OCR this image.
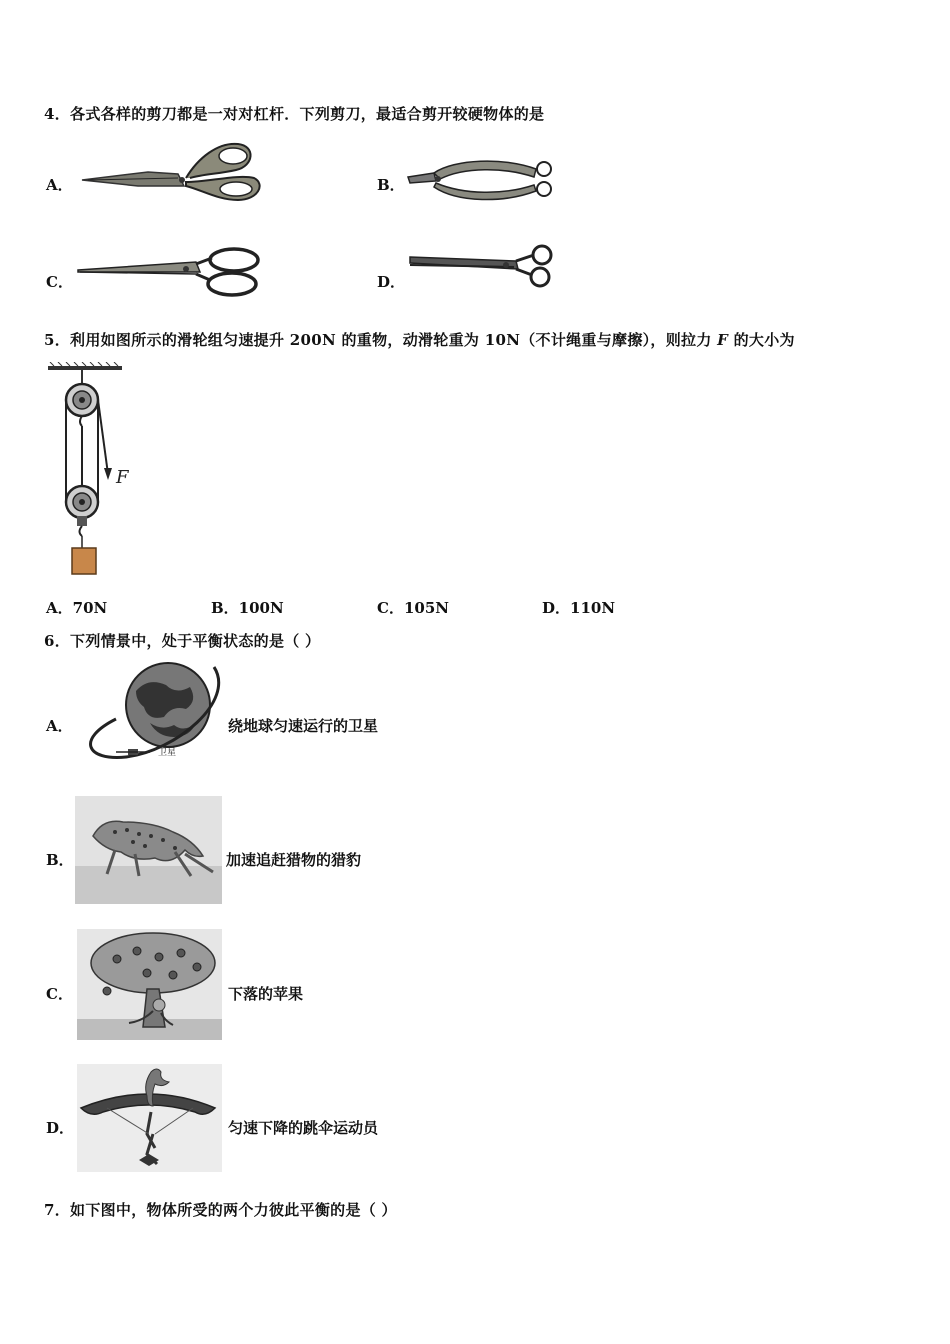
4．各式各样的剪刀都是一对对杠杆．下列剪刀，最适合剪开较硬物体的是
A．	B．
C．	D．
5．利用如图所示的滑轮组匀速提升 200N 的重物，动滑轮重为 10N（不计绳重与摩擦），则拉力 F 的大小为
F
A．70N	B．100N	C．105N	D．110N
6．下列情景中，处于平衡状态的是（ ）
A．
卫星
绕地球匀速运行的卫星
B．	加速追赶猎物的猎豹
C．	下落的苹果
D．	匀速下降的跳伞运动员
7．如下图中，物体所受的两个力彼此平衡的是（ ）
